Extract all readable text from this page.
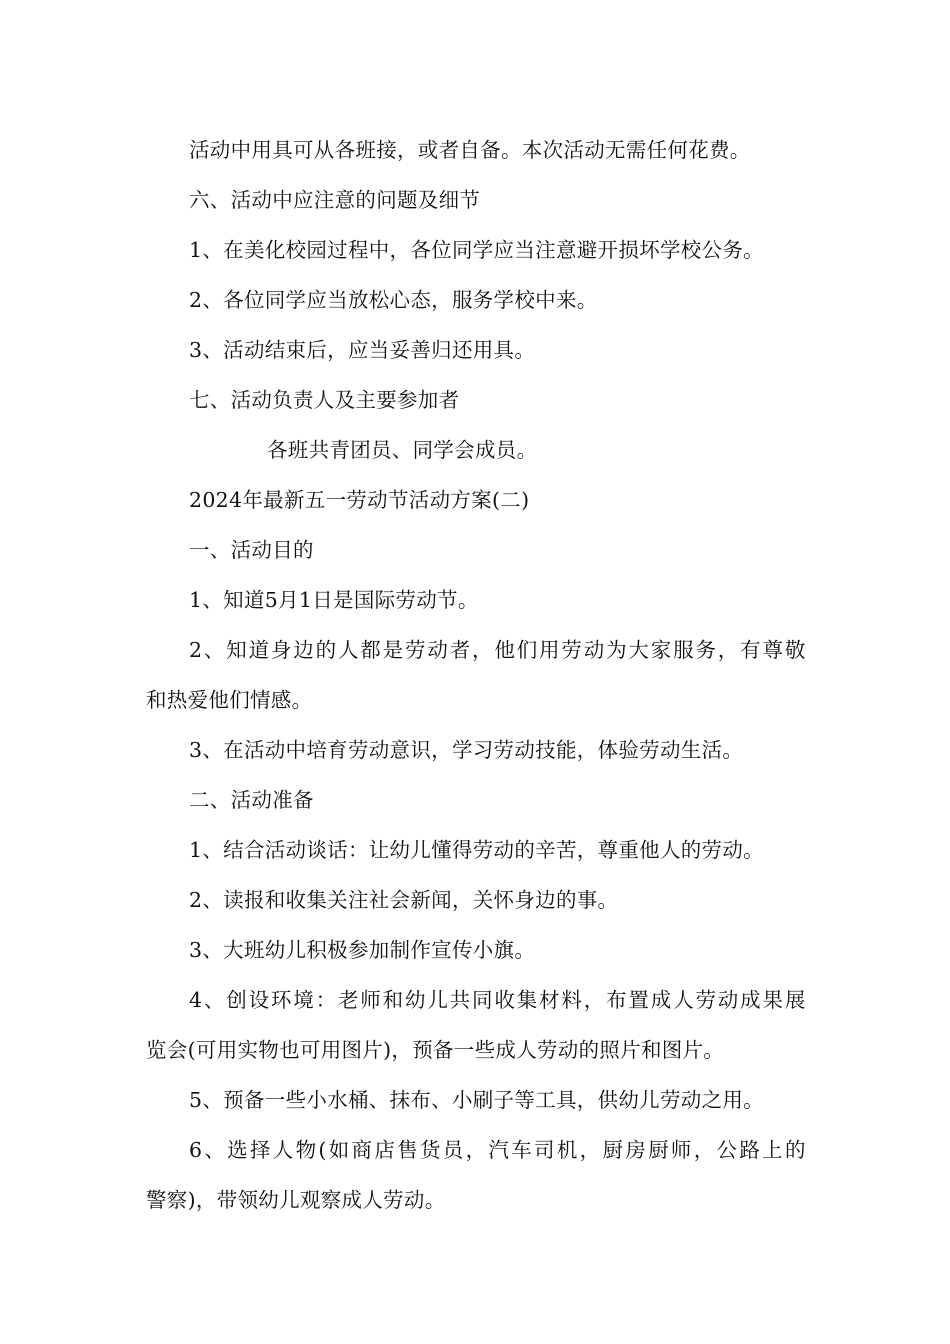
活动中用具可从各班接，或者自备。本次活动无需任何花费。
六、活动中应注意的问题及细节
1、在美化校园过程中，各位同学应当注意避开损坏学校公务。
2、各位同学应当放松心态，服务学校中来。
3、活动结束后，应当妥善归还用具。
七、活动负责人及主要参加者
各班共青团员、同学会成员。
2024年最新五一劳动节活动方案(二)
一、活动目的
1、知道5月1日是国际劳动节。
2 、 知 道 身 边 的 人 都 是 劳 动 者 ， 他 们 用 劳 动 为 大 家 服 务 ， 有 尊 敬
和热爱他们情感。
3、在活动中培育劳动意识，学习劳动技能，体验劳动生活。
二、活动准备
1、结合活动谈话：让幼儿懂得劳动的辛苦，尊重他人的劳动。
2、读报和收集关注社会新闻，关怀身边的事。
3、大班幼儿积极参加制作宣传小旗。
4 、 创 设 环 境 ： 老 师 和 幼 儿 共 同 收 集 材 料 ， 布 置 成 人 劳 动 成 果 展
览会(可用实物也可用图片)，预备一些成人劳动的照片和图片。
5、预备一些小水桶、抹布、小刷子等工具，供幼儿劳动之用。
6 、 选 择 人 物 ( 如 商 店 售 货 员 ， 汽 车 司 机 ， 厨 房 厨 师 ， 公 路 上 的
警察)，带领幼儿观察成人劳动。
